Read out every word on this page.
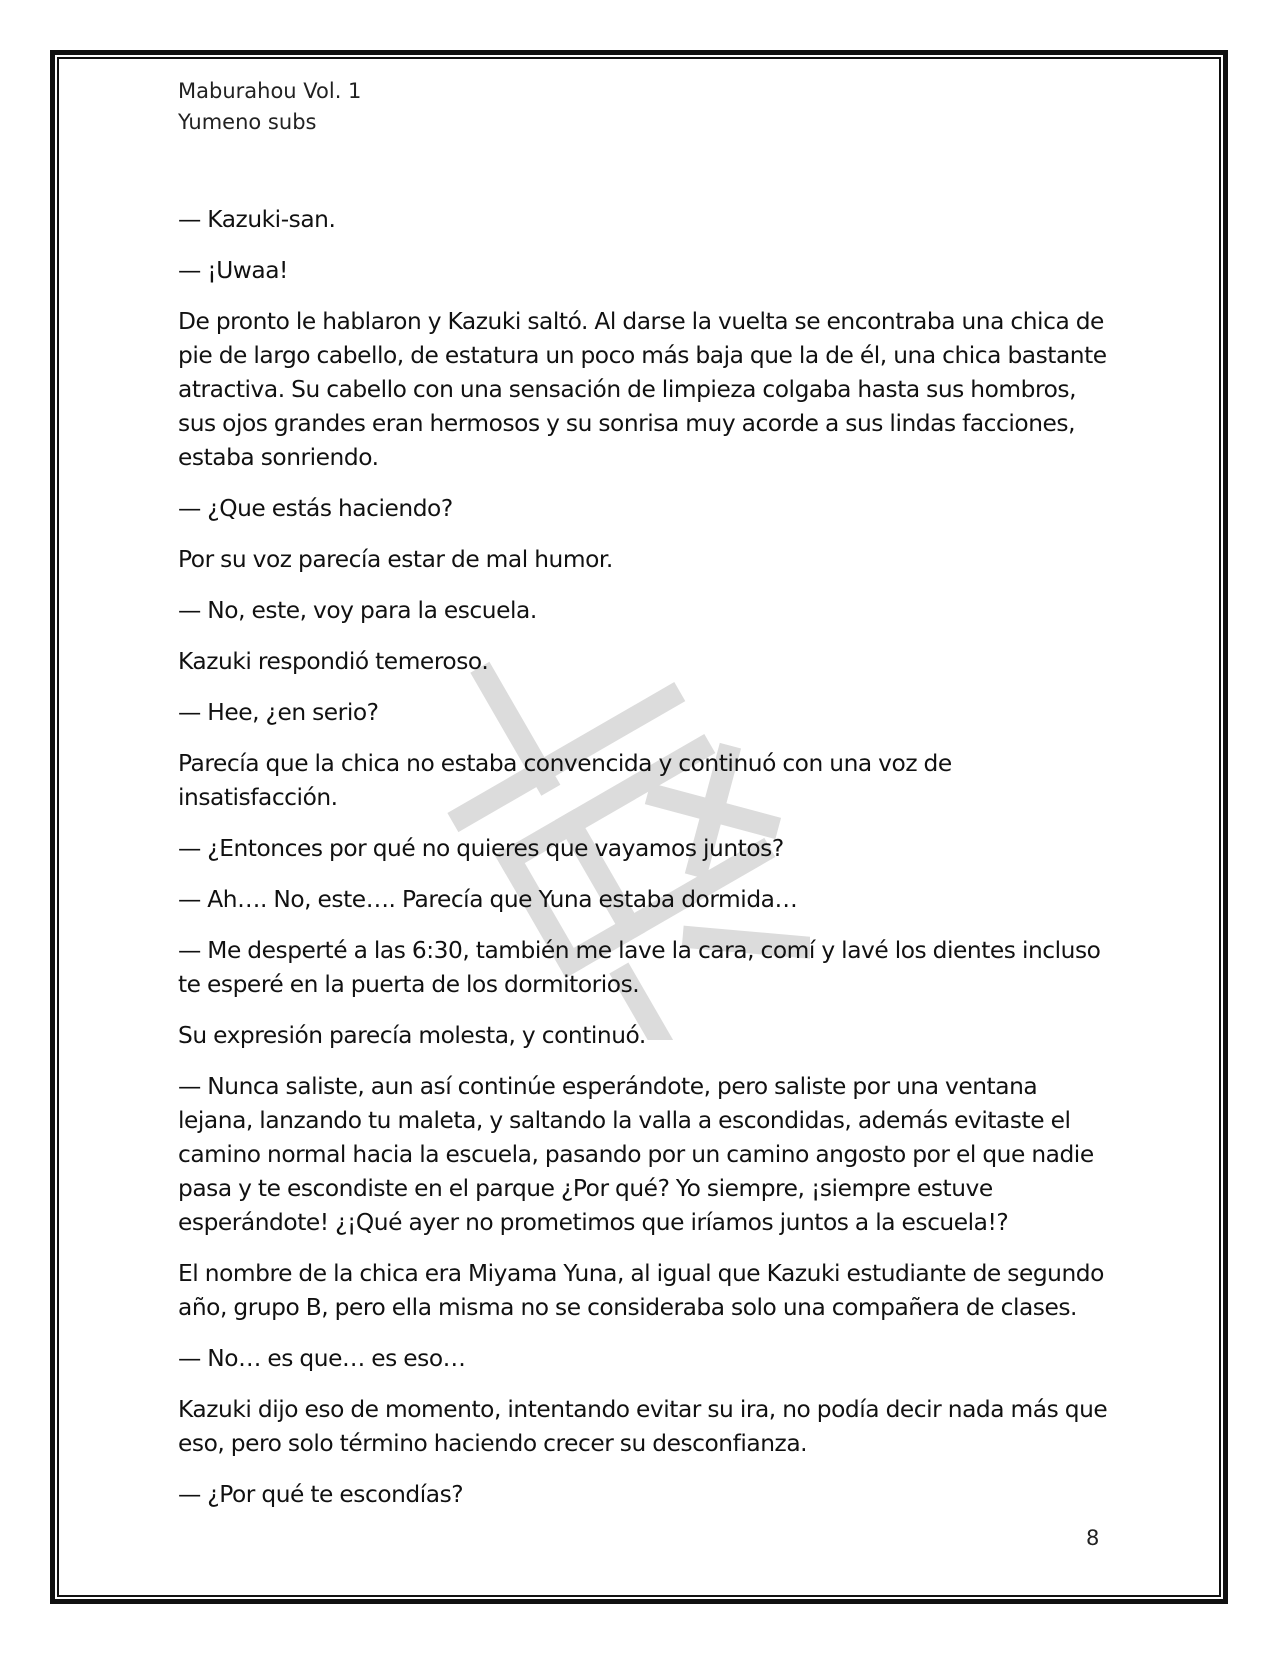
Maburahou Vol. 1
Yumeno subs

— Kazuki-san.

— ¡Uwaa!

De pronto le hablaron y Kazuki saltó. Al darse la vuelta se encontraba una chica de pie de largo cabello, de estatura un poco más baja que la de él, una chica bastante atractiva. Su cabello con una sensación de limpieza colgaba hasta sus hombros, sus ojos grandes eran hermosos y su sonrisa muy acorde a sus lindas facciones, estaba sonriendo.

— ¿Que estás haciendo?

Por su voz parecía estar de mal humor.

— No, este, voy para la escuela.

Kazuki respondió temeroso.

— Hee, ¿en serio?

Parecía que la chica no estaba convencida y continuó con una voz de insatisfacción.

— ¿Entonces por qué no quieres que vayamos juntos?

— Ah…. No, este…. Parecía que Yuna estaba dormida…

— Me desperté a las 6:30, también me lave la cara, comí y lavé los dientes incluso te esperé en la puerta de los dormitorios.

Su expresión parecía molesta, y continuó.

— Nunca saliste, aun así continúe esperándote, pero saliste por una ventana lejana, lanzando tu maleta, y saltando la valla a escondidas, además evitaste el camino normal hacia la escuela, pasando por un camino angosto por el que nadie pasa y te escondiste en el parque ¿Por qué? Yo siempre, ¡siempre estuve esperándote! ¿¡Qué ayer no prometimos que iríamos juntos a la escuela!?

El nombre de la chica era Miyama Yuna, al igual que Kazuki estudiante de segundo año, grupo B, pero ella misma no se consideraba solo una compañera de clases.

— No… es que… es eso…

Kazuki dijo eso de momento, intentando evitar su ira, no podía decir nada más que eso, pero solo término haciendo crecer su desconfianza.

— ¿Por qué te escondías?

8
